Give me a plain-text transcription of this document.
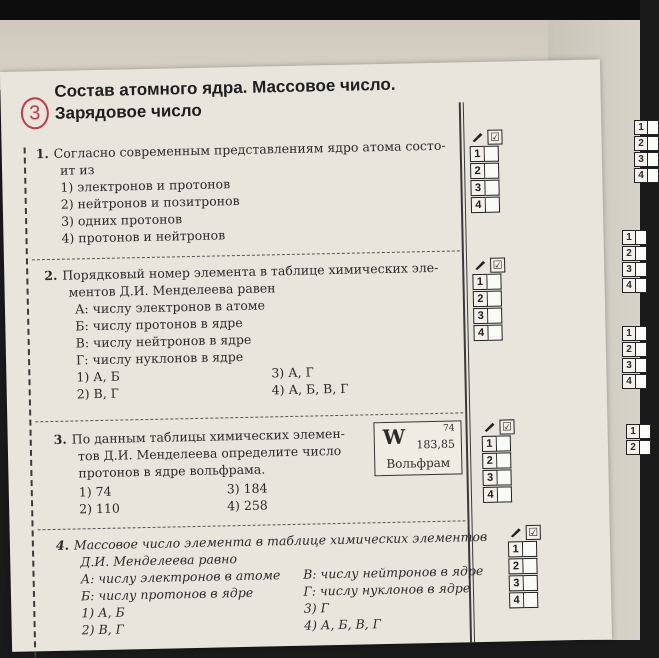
1
2
3
4
1
2
3
4
1
2
3
4
1
2
3
Состав атомного ядра. Массовое число.
Зарядовое число
1. Согласно современным представлениям ядро атома состо-
ит из
1) электронов и протонов
2) нейтронов и позитронов
3) одних протонов
4) протонов и нейтронов
☑
1
2
3
4
2. Порядковый номер элемента в таблице химических эле-
ментов Д.И. Менделеева равен
А: числу электронов в атоме
Б: числу протонов в ядре
В: числу нейтронов в ядре
Г: числу нуклонов в ядре
1) А, Б	3) А, Г
2) В, Г	4) А, Б, В, Г
☑
1
2
3
4
3. По данным таблицы химических элемен-
тов Д.И. Менделеева определите число
протонов в ядре вольфрама.
1) 74	3) 184
2) 110	4) 258
W	74
183,85
Вольфрам
☑
1
2
3
4
4. Массовое число элемента в таблице химических элементов
Д.И. Менделеева равно
А: числу электронов в атоме	В: числу нейтронов в ядре
Б: числу протонов в ядре	Г: числу нуклонов в ядре
1) А, Б	3) Г
2) В, Г	4) А, Б, В, Г
☑
1
2
3
4
